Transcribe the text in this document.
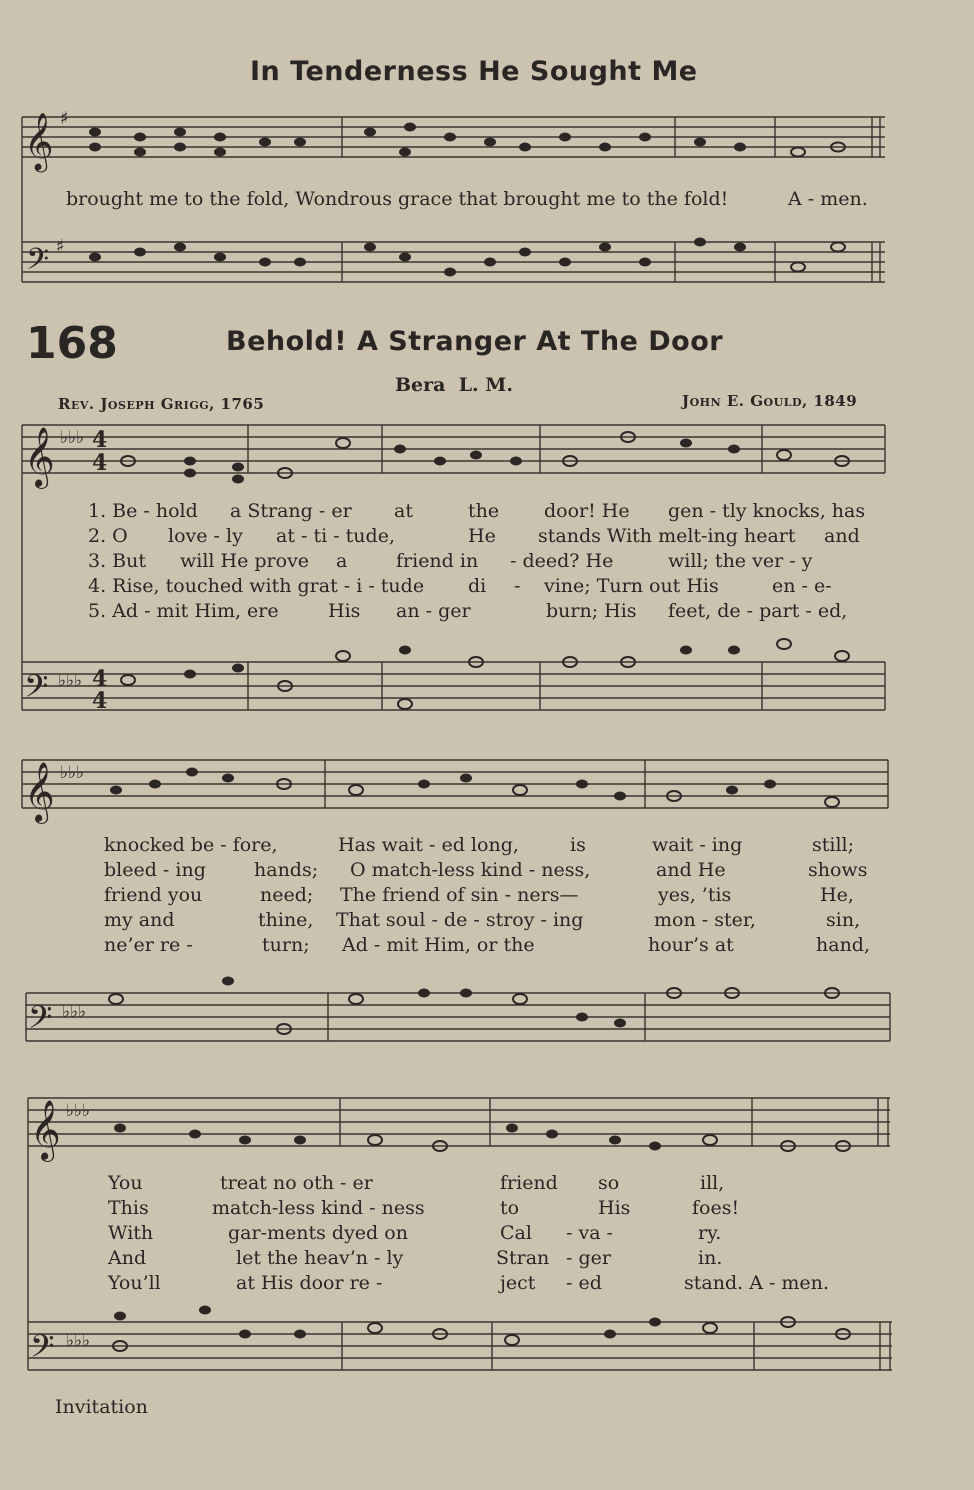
In Tenderness He Sought Me
𝄞
𝄢
♯
♯
brought me to the fold, Wondrous grace that brought me to the fold!	A - men.
168	Behold! A Stranger At The Door
Bera  L. M.
Rev. Joseph Grigg, 1765	John E. Gould, 1849
𝄞
𝄢
♭♭♭
♭♭♭
4
4
4
4
𝄞
𝄢
♭♭♭
♭♭♭
𝄞
𝄢
♭♭♭
♭♭♭
1. Be - hold a Strang - er at	the door! He gen - tly knocks, has
2. O love - ly at - ti - tude,	He stands With melt-ing heart and
3. But will He prove a	friend in - deed? He	will; the ver - y
4. Rise, touched with grat - i - tude di - vine; Turn out His	en - e-
5. Ad - mit Him, ere	His an - ger	burn; His feet, de - part - ed,
knocked be - fore,	Has wait - ed long,	is	wait - ing	still;
bleed - ing	hands; O match-less kind - ness,	and He	shows
friend you	need; The friend of sin - ners—	yes, ’tis	He,
my and	thine, That soul - de - stroy - ing	mon - ster,	sin,
ne’er re -	turn; Ad - mit Him, or the	hour’s at	hand,
You	treat no oth - er	friend so	ill,
This	match-less kind - ness	to	His	foes!
With	gar-ments dyed on	Cal - va -	ry.
And	let the heav’n - ly	Stran - ger	in.
You’ll	at His door re -	ject - ed	stand. A - men.
Invitation
